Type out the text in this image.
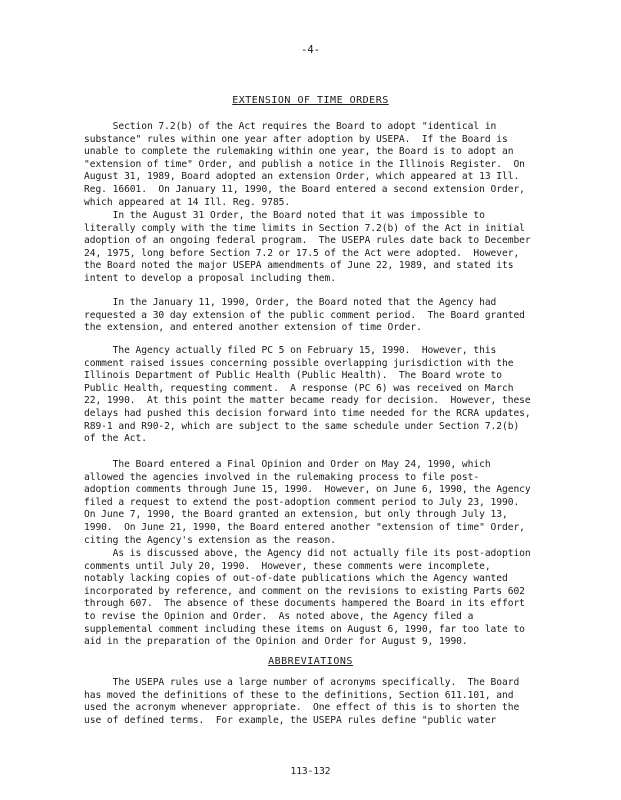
-4-
EXTENSION OF TIME ORDERS
Section 7.2(b) of the Act requires the Board to adopt "identical in
substance" rules within one year after adoption by USEPA.  If the Board is
unable to complete the rulemaking within one year, the Board is to adopt an
"extension of time" Order, and publish a notice in the Illinois Register.  On
August 31, 1989, Board adopted an extension Order, which appeared at 13 Ill.
Reg. 16601.  On January 11, 1990, the Board entered a second extension Order,
which appeared at 14 Ill. Reg. 9785.
In the August 31 Order, the Board noted that it was impossible to
literally comply with the time limits in Section 7.2(b) of the Act in initial
adoption of an ongoing federal program.  The USEPA rules date back to December
24, 1975, long before Section 7.2 or 17.5 of the Act were adopted.  However,
the Board noted the major USEPA amendments of June 22, 1989, and stated its
intent to develop a proposal including them.
In the January 11, 1990, Order, the Board noted that the Agency had
requested a 30 day extension of the public comment period.  The Board granted
the extension, and entered another extension of time Order.
The Agency actually filed PC 5 on February 15, 1990.  However, this
comment raised issues concerning possible overlapping jurisdiction with the
Illinois Department of Public Health (Public Health).  The Board wrote to
Public Health, requesting comment.  A response (PC 6) was received on March
22, 1990.  At this point the matter became ready for decision.  However, these
delays had pushed this decision forward into time needed for the RCRA updates,
R89-1 and R90-2, which are subject to the same schedule under Section 7.2(b)
of the Act.
The Board entered a Final Opinion and Order on May 24, 1990, which
allowed the agencies involved in the rulemaking process to file post-
adoption comments through June 15, 1990.  However, on June 6, 1990, the Agency
filed a request to extend the post-adoption comment period to July 23, 1990.
On June 7, 1990, the Board granted an extension, but only through July 13,
1990.  On June 21, 1990, the Board entered another "extension of time" Order,
citing the Agency's extension as the reason.
As is discussed above, the Agency did not actually file its post-adoption
comments until July 20, 1990.  However, these comments were incomplete,
notably lacking copies of out-of-date publications which the Agency wanted
incorporated by reference, and comment on the revisions to existing Parts 602
through 607.  The absence of these documents hampered the Board in its effort
to revise the Opinion and Order.  As noted above, the Agency filed a
supplemental comment including these items on August 6, 1990, far too late to
aid in the preparation of the Opinion and Order for August 9, 1990.
ABBREVIATIONS
The USEPA rules use a large number of acronyms specifically.  The Board
has moved the definitions of these to the definitions, Section 611.101, and
used the acronym whenever appropriate.  One effect of this is to shorten the
use of defined terms.  For example, the USEPA rules define "public water
113-132
